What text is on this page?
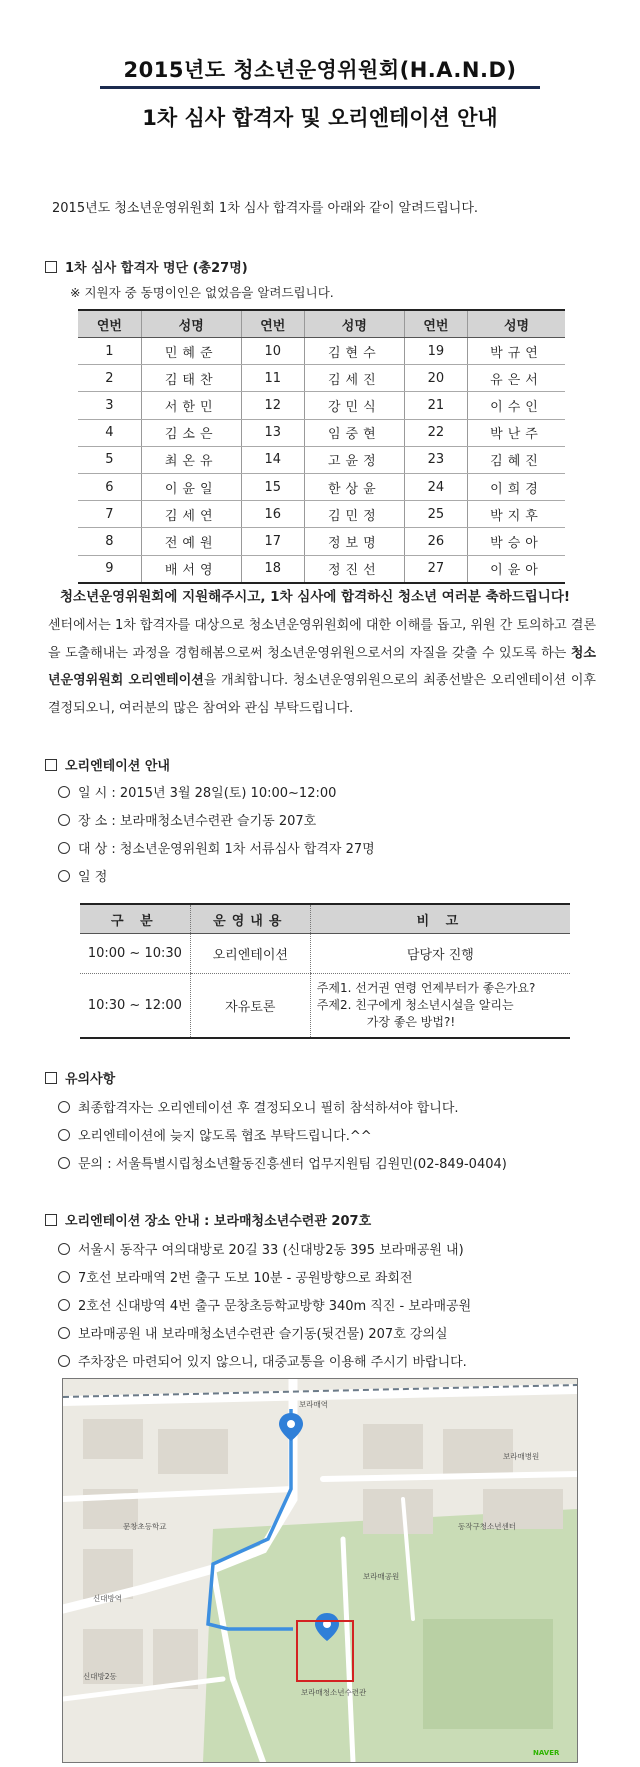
2015년도 청소년운영위원회(H.A.N.D)
1차 심사 합격자 및 오리엔테이션 안내
2015년도 청소년운영위원회 1차 심사 합격자를 아래와 같이 알려드립니다.
1차 심사 합격자 명단 (총27명)
※ 지원자 중 동명이인은 없었음을 알려드립니다.
연번	성명	연번	성명	연번	성명
1	민혜준	10	김현수	19	박규연
2	김태찬	11	김세진	20	유은서
3	서한민	12	강민식	21	이수인
4	김소은	13	임중현	22	박난주
5	최온유	14	고윤정	23	김혜진
6	이윤일	15	한상윤	24	이희경
7	김세연	16	김민정	25	박지후
8	전예원	17	정보명	26	박승아
9	배서영	18	정진선	27	이윤아
청소년운영위원회에 지원해주시고, 1차 심사에 합격하신 청소년 여러분 축하드립니다!
센터에서는 1차 합격자를 대상으로 청소년운영위원회에 대한 이해를 돕고, 위원 간 토의하고 결론을 도출해내는 과정을 경험해봄으로써 청소년운영위원으로서의 자질을 갖출 수 있도록 하는 청소년운영위원회 오리엔테이션을 개최합니다. 청소년운영위원으로의 최종선발은 오리엔테이션 이후 결정되오니, 여러분의 많은 참여와 관심 부탁드립니다.
오리엔테이션 안내
일 시 : 2015년 3월 28일(토) 10:00~12:00
장 소 : 보라매청소년수련관 슬기동 207호
대 상 : 청소년운영위원회 1차 서류심사 합격자 27명
일 정
구 분	운영내용	비 고
10:00 ~ 10:30	오리엔테이션	담당자 진행
10:30 ~ 12:00	자유토론	주제1. 선거권 연령 언제부터가 좋은가요?
주제2. 친구에게 청소년시설을 알리는
가장 좋은 방법?!
유의사항
최종합격자는 오리엔테이션 후 결정되오니 필히 참석하셔야 합니다.
오리엔테이션에 늦지 않도록 협조 부탁드립니다.^^
문의 : 서울특별시립청소년활동진흥센터 업무지원팀 김원민(02-849-0404)
오리엔테이션 장소 안내 : 보라매청소년수련관 207호
서울시 동작구 여의대방로 20길 33 (신대방2동 395 보라매공원 내)
7호선 보라매역 2번 출구 도보 10분 - 공원방향으로 좌회전
2호선 신대방역 4번 출구 문창초등학교방향 340m 직진 - 보라매공원
보라매공원 내 보라매청소년수련관 슬기동(뒷건물) 207호 강의실
주차장은 마련되어 있지 않으니, 대중교통을 이용해 주시기 바랍니다.
보라매역
보라매공원
보라매청소년수련관
신대방역
문창초등학교
보라매병원
동작구청소년센터
신대방2동
NAVER
